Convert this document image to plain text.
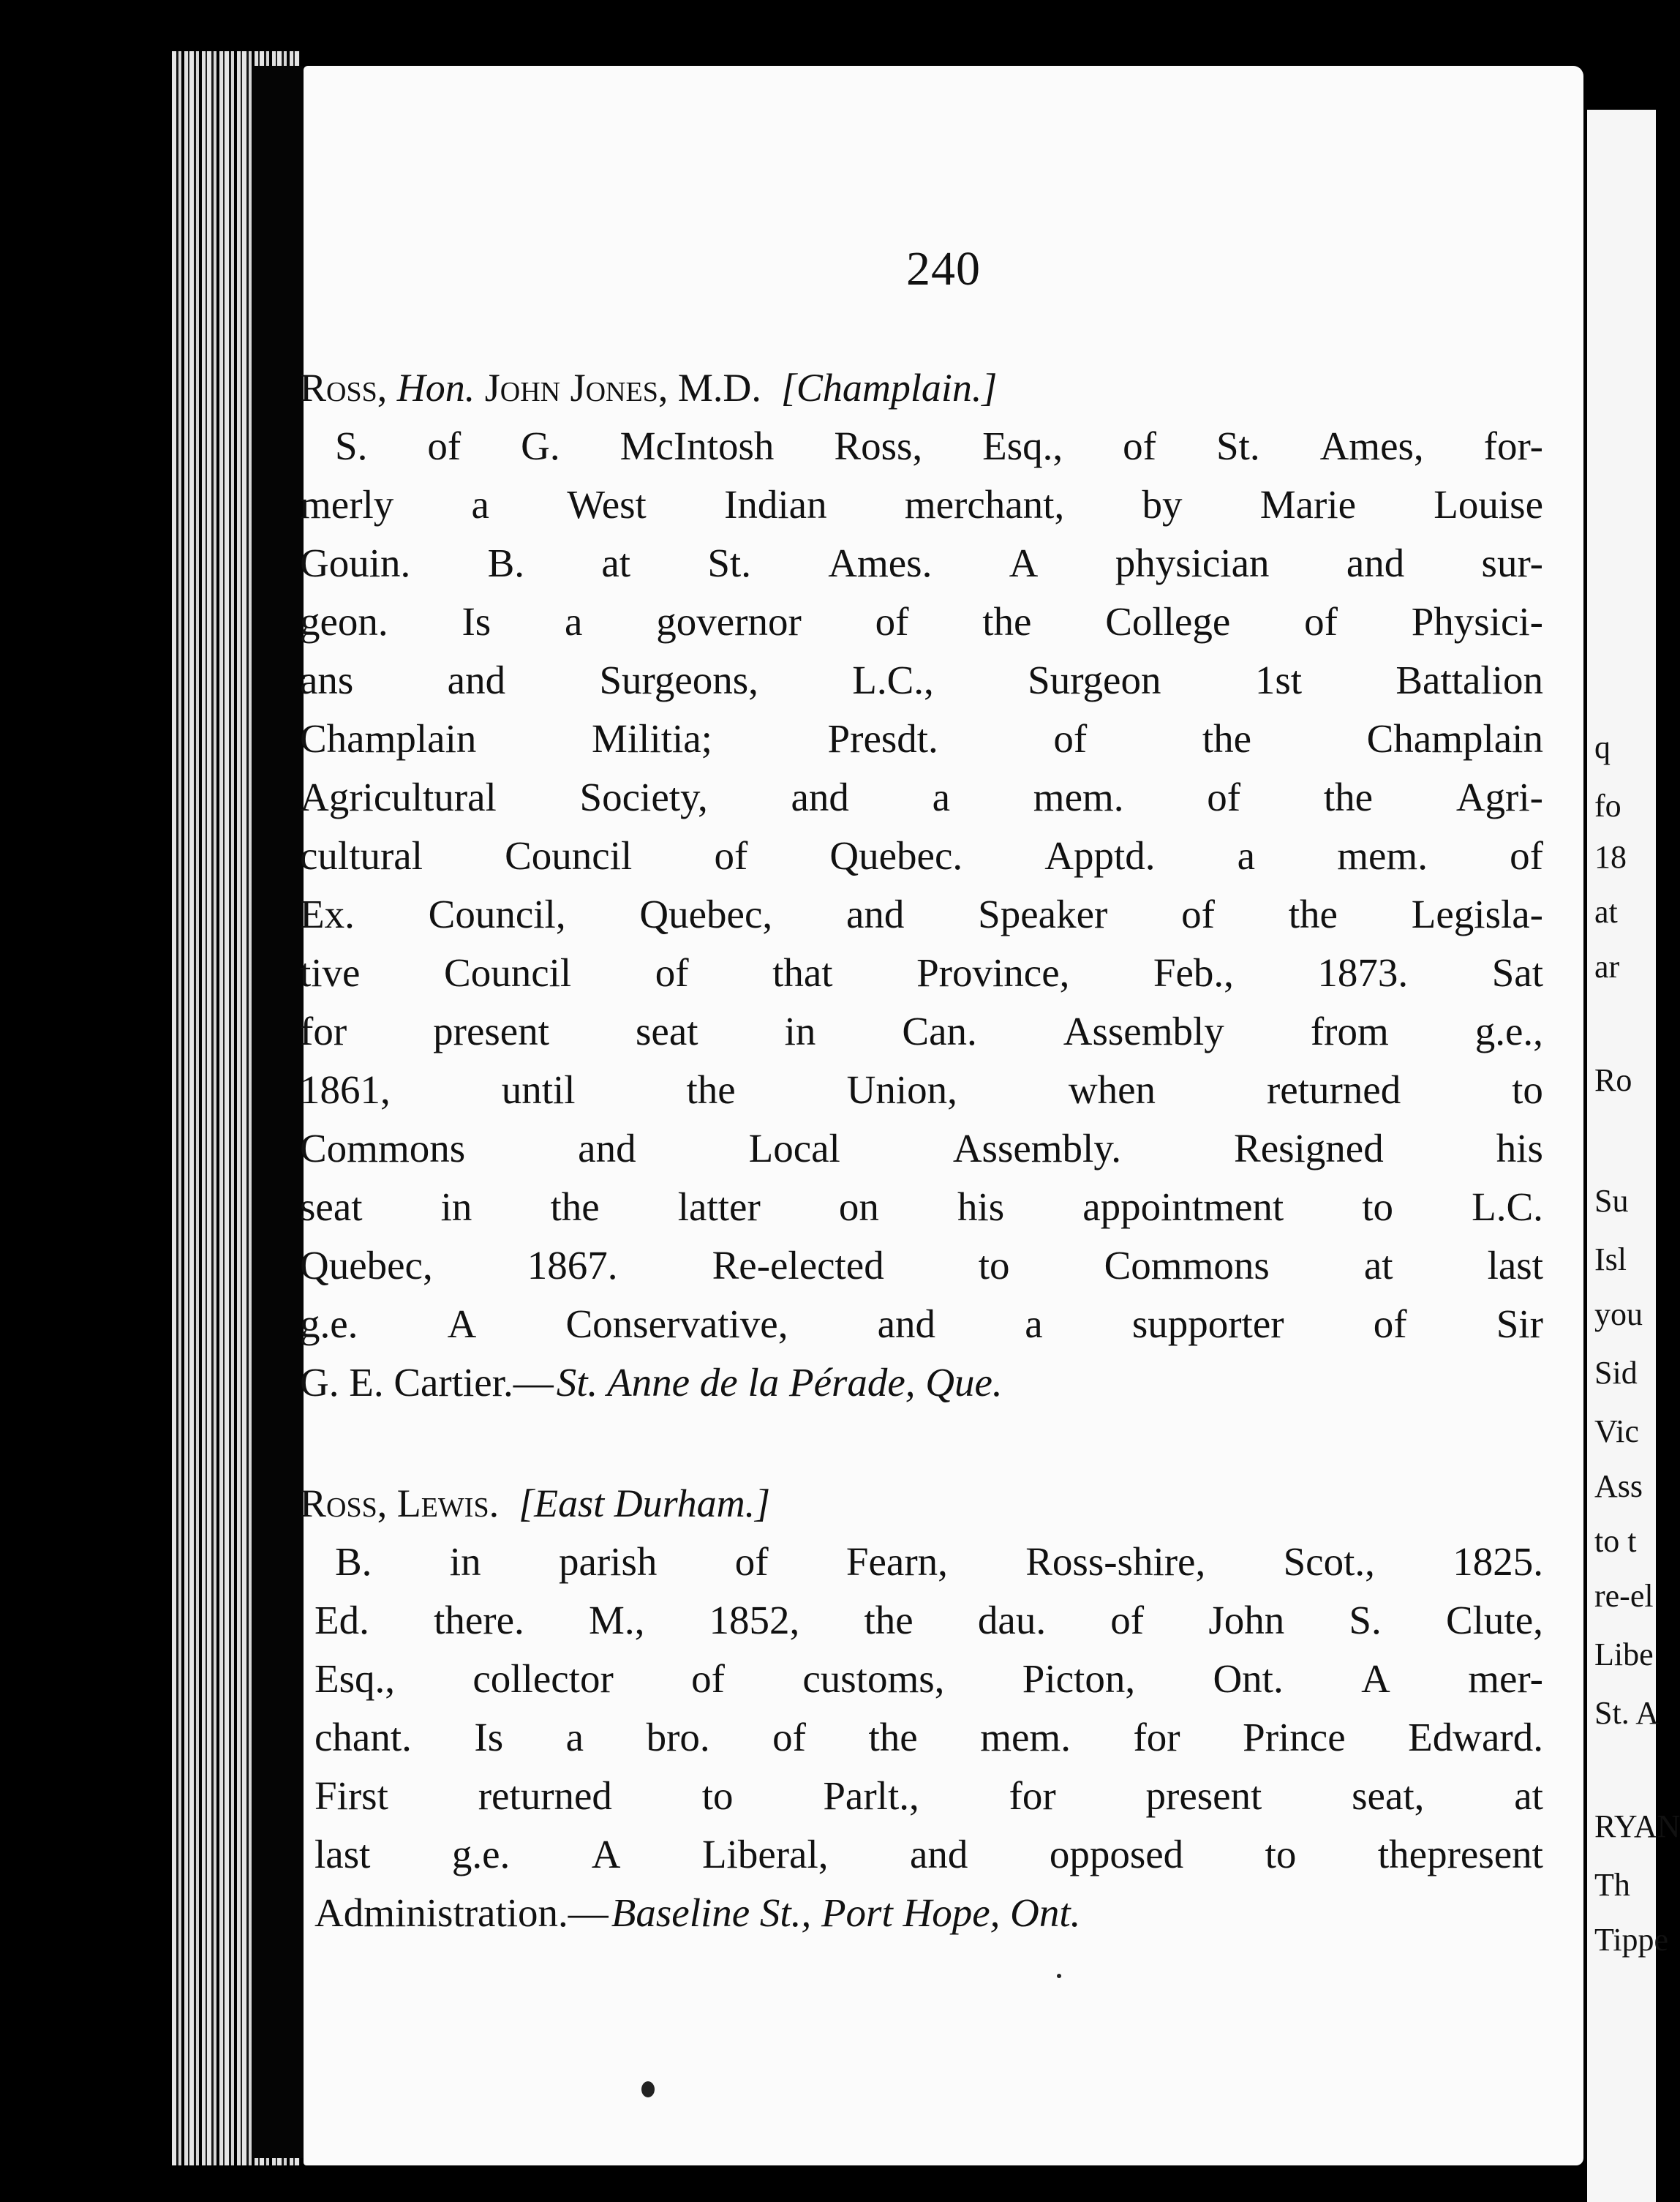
240
Ross, Hon. John Jones, M.D. [Champlain.]
S. of G. McIntosh Ross, Esq., of St. Ames, for-
merly a West Indian merchant, by Marie Louise
Gouin. B. at St. Ames. A physician and sur-
geon. Is a governor of the College of Physici-
ans and Surgeons, L.C., Surgeon 1st Battalion
Champlain	Militia;	Presdt.	of	the	Champlain
Agricultural Society, and a mem. of the Agri-
cultural Council of Quebec. Apptd. a mem. of
Ex. Council, Quebec, and Speaker of the Legisla-
tive Council of that Province, Feb., 1873. Sat
for present seat in Can. Assembly from g.e.,
1861,	until	the	Union,	when	returned	to
Commons	and	Local	Assembly.	Resigned	his
seat in the latter on his appointment to L.C.
Quebec, 1867. Re-elected to Commons at last
g.e. A Conservative, and a supporter of Sir
G. E. Cartier.— St. Anne de la Pérade, Que.
Ross, Lewis. [East Durham.]
B. in parish of Fearn, Ross-shire, Scot., 1825.
Ed. there. M., 1852, the dau. of John S. Clute,
Esq., collector of customs, Picton, Ont. A mer-
chant. Is a bro. of the mem. for Prince Edward.
First returned to Parlt., for present seat, at
last g.e. A Liberal, and opposed to thepresent
Administration.— Baseline St., Port Hope, Ont.
q
fo
18
at
ar
Ro
Su
Isl
you
Sid
Vic
Ass
to t
re-el
Libe
St. A
RYAN
Th
Tippe
